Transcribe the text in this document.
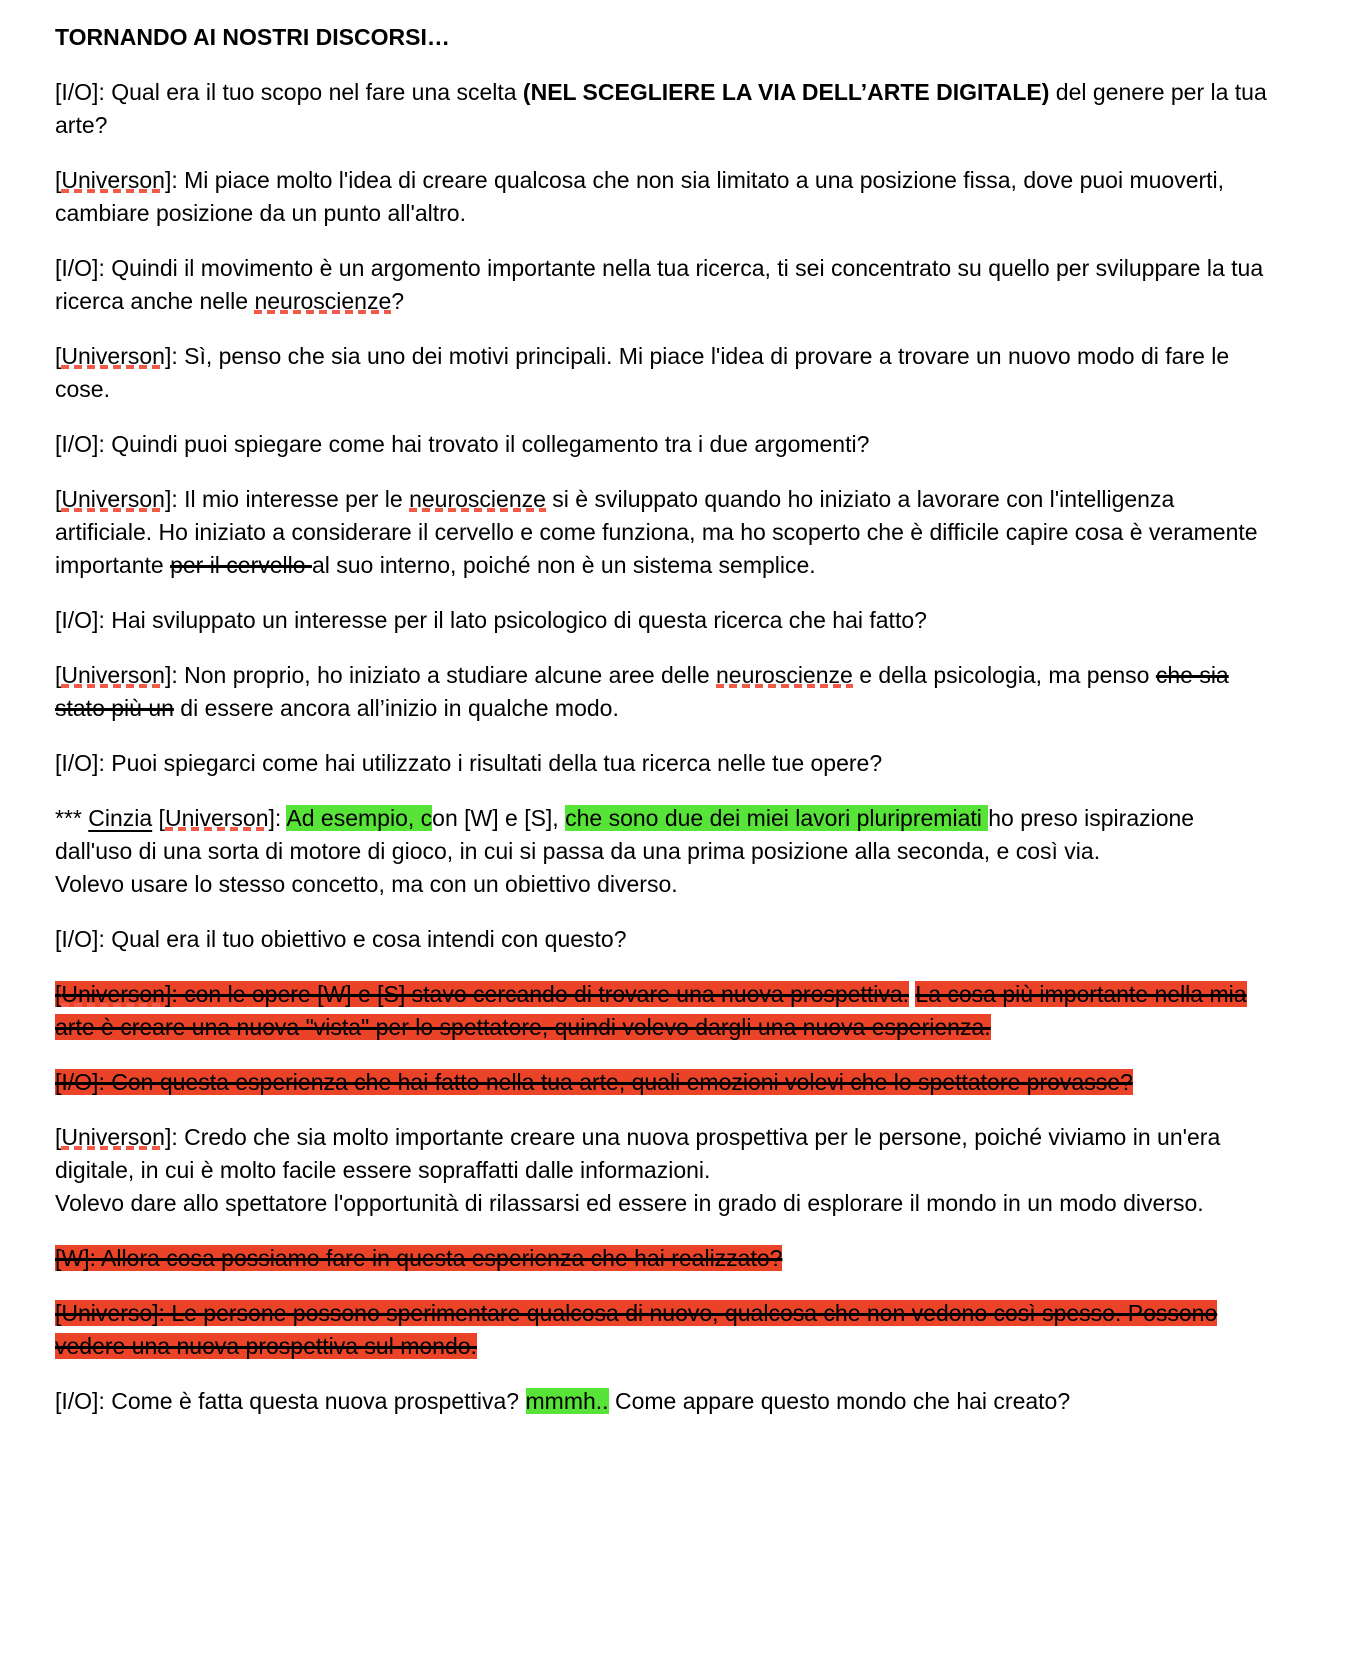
TORNANDO AI NOSTRI DISCORSI…

[I/O]: Qual era il tuo scopo nel fare una scelta (NEL SCEGLIERE LA VIA DELL’ARTE DIGITALE) del genere per la tua arte?

[Universon]: Mi piace molto l'idea di creare qualcosa che non sia limitato a una posizione fissa, dove puoi muoverti, cambiare posizione da un punto all'altro.

[I/O]: Quindi il movimento è un argomento importante nella tua ricerca, ti sei concentrato su quello per sviluppare la tua ricerca anche nelle neuroscienze?

[Universon]: Sì, penso che sia uno dei motivi principali. Mi piace l'idea di provare a trovare un nuovo modo di fare le cose.

[I/O]: Quindi puoi spiegare come hai trovato il collegamento tra i due argomenti?

[Universon]: Il mio interesse per le neuroscienze si è sviluppato quando ho iniziato a lavorare con l'intelligenza artificiale. Ho iniziato a considerare il cervello e come funziona, ma ho scoperto che è difficile capire cosa è veramente importante per il cervello al suo interno, poiché non è un sistema semplice.

[I/O]: Hai sviluppato un interesse per il lato psicologico di questa ricerca che hai fatto?

[Universon]: Non proprio, ho iniziato a studiare alcune aree delle neuroscienze e della psicologia, ma penso che sia stato più un di essere ancora all’inizio in qualche modo.

[I/O]: Puoi spiegarci come hai utilizzato i risultati della tua ricerca nelle tue opere?

*** Cinzia [Universon]: Ad esempio, con [W] e [S], che sono due dei miei lavori pluripremiati ho preso ispirazione dall'uso di una sorta di motore di gioco, in cui si passa da una prima posizione alla seconda, e così via.
Volevo usare lo stesso concetto, ma con un obiettivo diverso.

[I/O]: Qual era il tuo obiettivo e cosa intendi con questo?

[Universon]: con le opere [W] e [S] stavo cercando di trovare una nuova prospettiva. La cosa più importante nella mia arte è creare una nuova "vista" per lo spettatore, quindi volevo dargli una nuova esperienza.

[I/O]: Con questa esperienza che hai fatto nella tua arte, quali emozioni volevi che lo spettatore provasse?

[Universon]: Credo che sia molto importante creare una nuova prospettiva per le persone, poiché viviamo in un'era digitale, in cui è molto facile essere sopraffatti dalle informazioni.
Volevo dare allo spettatore l'opportunità di rilassarsi ed essere in grado di esplorare il mondo in un modo diverso.

[W]: Allora cosa possiamo fare in questa esperienza che hai realizzato?

[Universo]: Le persone possono sperimentare qualcosa di nuovo, qualcosa che non vedono così spesso. Possono vedere una nuova prospettiva sul mondo.

[I/O]: Come è fatta questa nuova prospettiva? mmmh.. Come appare questo mondo che hai creato?
